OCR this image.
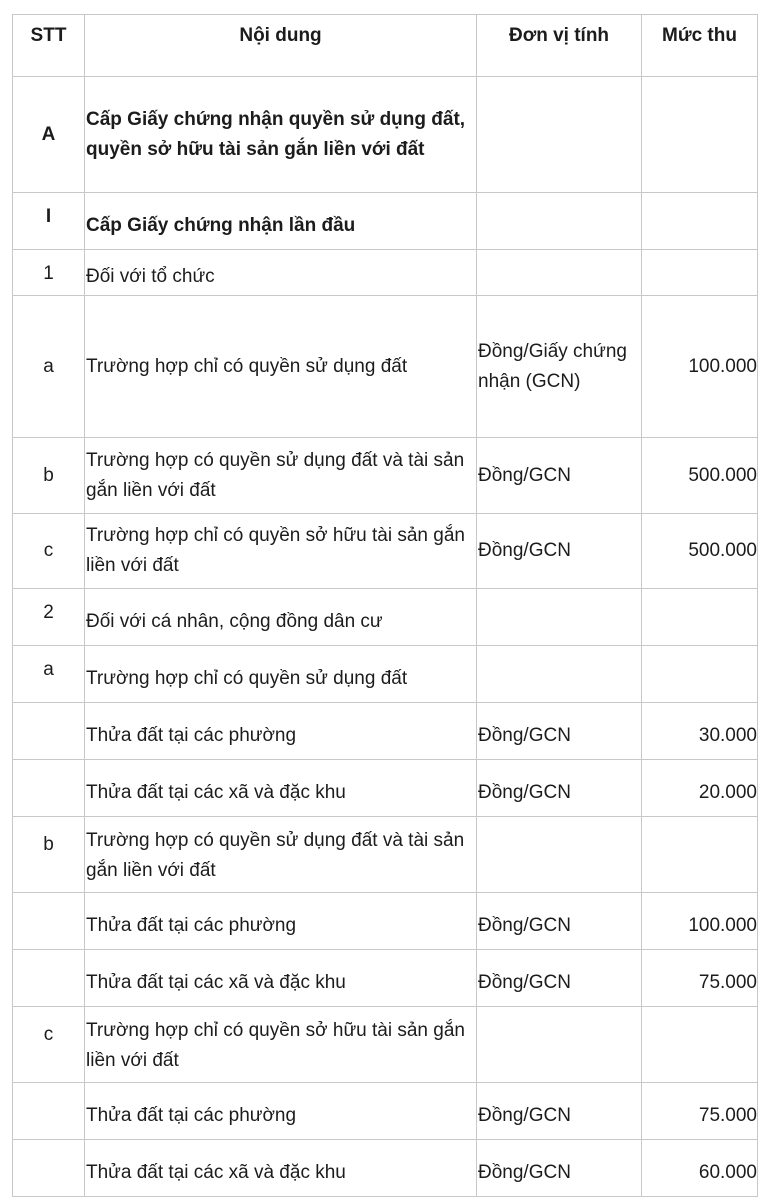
STT	Nội dung	Đơn vị tính	Mức thu
A	Cấp Giấy chứng nhận quyền sử dụng đất, quyền sở hữu tài sản gắn liền với đất		
I	Cấp Giấy chứng nhận lần đầu		
1	Đối với tổ chức		
a	Trường hợp chỉ có quyền sử dụng đất	Đồng/Giấy chứng nhận (GCN)	100.000
b	Trường hợp có quyền sử dụng đất và tài sản gắn liền với đất	Đồng/GCN	500.000
c	Trường hợp chỉ có quyền sở hữu tài sản gắn liền với đất	Đồng/GCN	500.000
2	Đối với cá nhân, cộng đồng dân cư		
a	Trường hợp chỉ có quyền sử dụng đất		
	Thửa đất tại các phường	Đồng/GCN	30.000
	Thửa đất tại các xã và đặc khu	Đồng/GCN	20.000
b	Trường hợp có quyền sử dụng đất và tài sản gắn liền với đất		
	Thửa đất tại các phường	Đồng/GCN	100.000
	Thửa đất tại các xã và đặc khu	Đồng/GCN	75.000
c	Trường hợp chỉ có quyền sở hữu tài sản gắn liền với đất		
	Thửa đất tại các phường	Đồng/GCN	75.000
	Thửa đất tại các xã và đặc khu	Đồng/GCN	60.000
